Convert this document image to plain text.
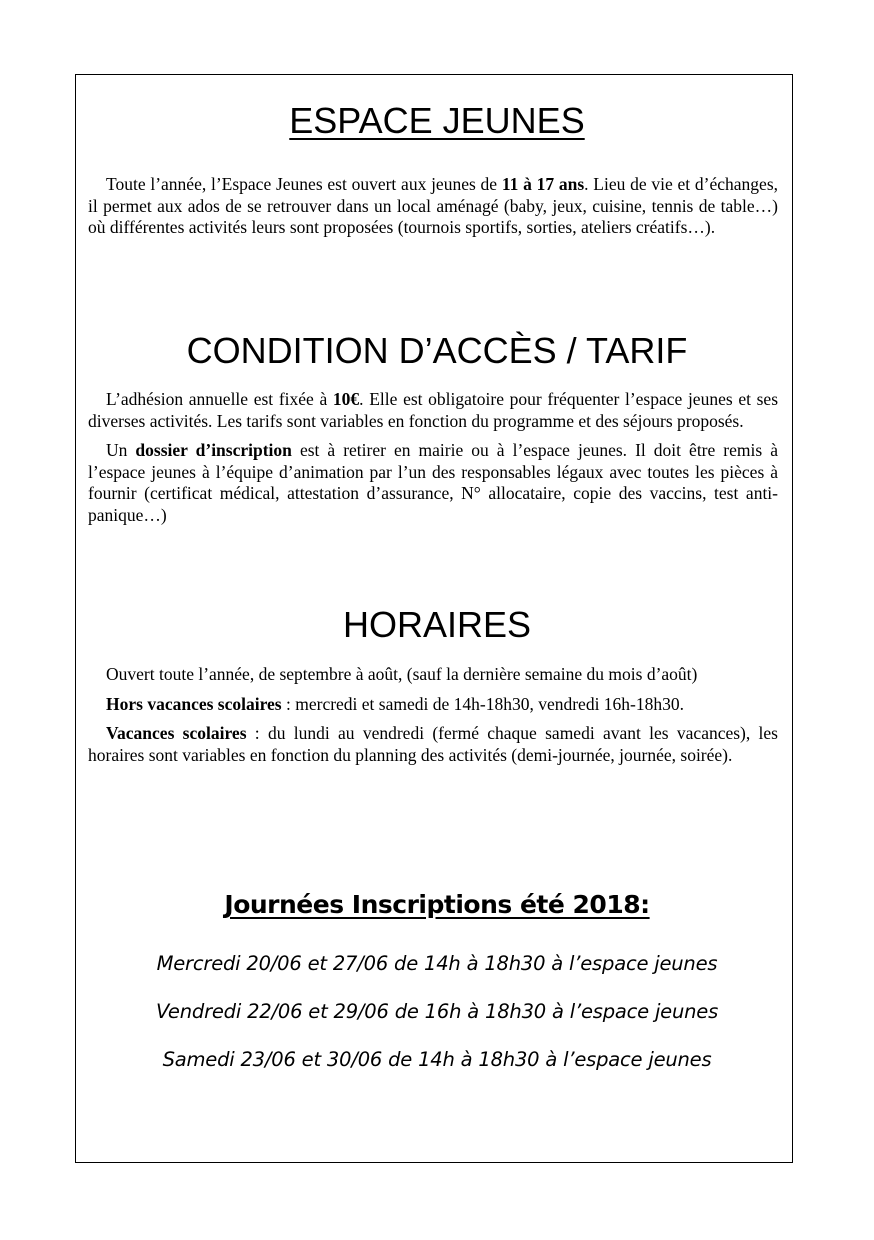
ESPACE JEUNES

Toute l’année, l’Espace Jeunes est ouvert aux jeunes de 11 à 17 ans. Lieu de vie et d’échanges, il permet aux ados de se retrouver dans un local aménagé (baby, jeux, cuisine, tennis de table…) où différentes activités leurs sont proposées (tournois sportifs, sorties, ateliers créatifs…).

CONDITION D’ACCÈS / TARIF

L’adhésion annuelle est fixée à 10€. Elle est obligatoire pour fréquenter l’espace jeunes et ses diverses activités. Les tarifs sont variables en fonction du programme et des séjours proposés.

Un dossier d’inscription est à retirer en mairie ou à l’espace jeunes. Il doit être remis à l’espace jeunes à l’équipe d’animation par l’un des responsables légaux avec toutes les pièces à fournir (certificat médical, attestation d’assurance, N° allocataire, copie des vaccins, test anti-panique…)

HORAIRES

Ouvert toute l’année, de septembre à août, (sauf la dernière semaine du mois d’août)

Hors vacances scolaires : mercredi et samedi de 14h-18h30, vendredi 16h-18h30.

Vacances scolaires : du lundi au vendredi (fermé chaque samedi avant les vacances), les horaires sont variables en fonction du planning des activités (demi-journée, journée, soirée).

Journées Inscriptions été 2018:

Mercredi 20/06 et 27/06 de 14h à 18h30 à l’espace jeunes

Vendredi 22/06 et 29/06 de 16h à 18h30 à l’espace jeunes

Samedi 23/06 et 30/06 de 14h à 18h30 à l’espace jeunes
